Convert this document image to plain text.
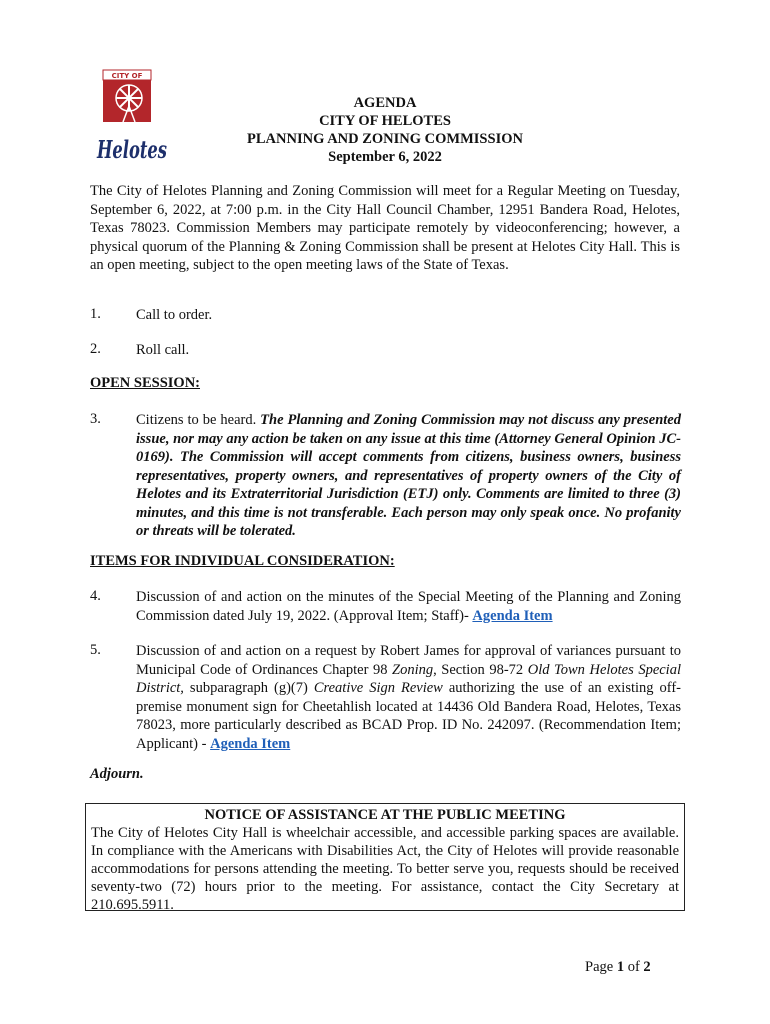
CITY OF
Helotes
AGENDA
CITY OF HELOTES
PLANNING AND ZONING COMMISSION
September 6, 2022
The City of Helotes Planning and Zoning Commission will meet for a Regular Meeting on Tuesday, September 6, 2022, at 7:00 p.m. in the City Hall Council Chamber, 12951 Bandera Road, Helotes, Texas 78023. Commission Members may participate remotely by videoconferencing; however, a physical quorum of the Planning & Zoning Commission shall be present at Helotes City Hall. This is an open meeting, subject to the open meeting laws of the State of Texas.
1. Call to order.
2. Roll call.
OPEN SESSION:
3. Citizens to be heard. The Planning and Zoning Commission may not discuss any presented issue, nor may any action be taken on any issue at this time (Attorney General Opinion JC-0169). The Commission will accept comments from citizens, business owners, business representatives, property owners, and representatives of property owners of the City of Helotes and its Extraterritorial Jurisdiction (ETJ) only. Comments are limited to three (3) minutes, and this time is not transferable. Each person may only speak once. No profanity or threats will be tolerated.
ITEMS FOR INDIVIDUAL CONSIDERATION:
4. Discussion of and action on the minutes of the Special Meeting of the Planning and Zoning Commission dated July 19, 2022. (Approval Item; Staff)- Agenda Item
5. Discussion of and action on a request by Robert James for approval of variances pursuant to Municipal Code of Ordinances Chapter 98 Zoning, Section 98-72 Old Town Helotes Special District, subparagraph (g)(7) Creative Sign Review authorizing the use of an existing off-premise monument sign for Cheetahlish located at 14436 Old Bandera Road, Helotes, Texas 78023, more particularly described as BCAD Prop. ID No. 242097. (Recommendation Item; Applicant) - Agenda Item
Adjourn.
NOTICE OF ASSISTANCE AT THE PUBLIC MEETING
The City of Helotes City Hall is wheelchair accessible, and accessible parking spaces are available. In compliance with the Americans with Disabilities Act, the City of Helotes will provide reasonable accommodations for persons attending the meeting. To better serve you, requests should be received seventy-two (72) hours prior to the meeting. For assistance, contact the City Secretary at 210.695.5911.
Page 1 of 2
